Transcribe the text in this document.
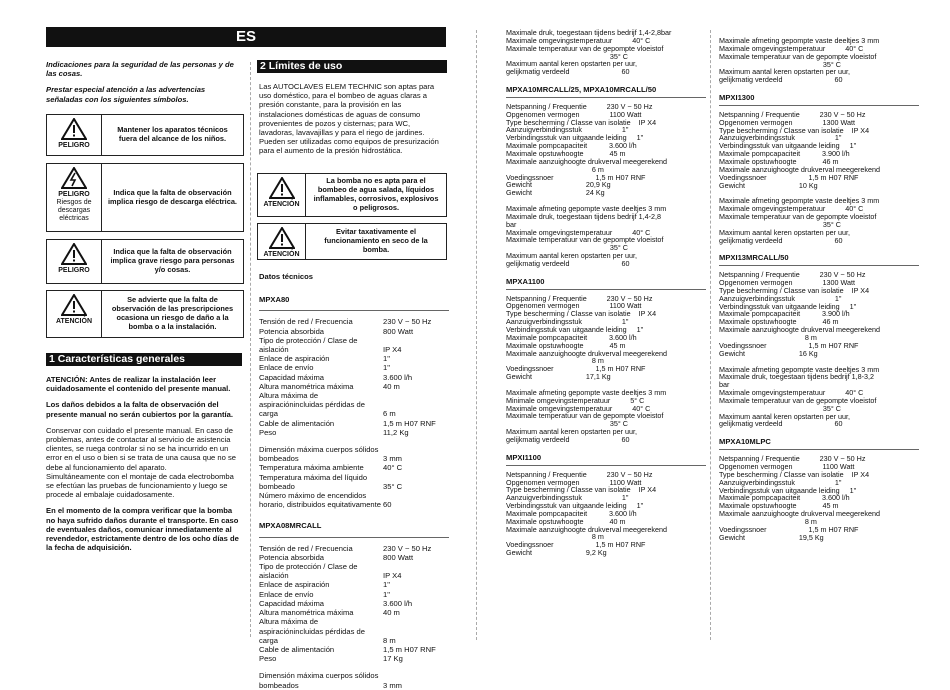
ES

Indicaciones para la seguridad de las personas y de las cosas.

Prestar especial atención a las advertencias señaladas con los siguientes símbolos.

PELIGRO
Mantener los aparatos técnicos fuera del alcance de los niños.
PELIGRO
Riesgos de descargas eléctricas
Indica que la falta de observación implica riesgo de descarga eléctrica.
PELIGRO
Indica que la falta de observación implica grave riesgo para personas y/o cosas.
ATENCIÓN
Se advierte que la falta de observación de las prescripciones ocasiona un riesgo de daño a la bomba o a la instalación.
1 Características generales

ATENCIÓN: Antes de realizar la instalación leer cuidadosamente el contenido del presente manual.

Los daños debidos a la falta de observación del presente manual no serán cubiertos por la garantía.

Conservar con cuidado el presente manual. En caso de problemas, antes de contactar al servicio de asistencia clientes, se ruega controlar si no se ha incurrido en un error en el uso o bien si se trata de una causa que no se debe al funcionamiento del aparato.

Simultáneamente con el montaje de cada electrobomba se efectúan las pruebas de funcionamiento y luego se procede al embalaje cuidadosamente.

En el momento de la compra verificar que la bomba no haya sufrido daños durante el transporte. En caso de eventuales daños, comunicar inmediatamente al revendedor, estrictamente dentro de los ocho días de la fecha de adquisición.

2 Límites de uso

Las AUTOCLAVES ELEM TECHNIC son aptas para uso doméstico, para el bombeo de aguas claras a presión constante, para la provisión en las instalaciones domésticas de aguas de consumo provenientes de pozos y cisternas; para WC, lavadoras, lavavajillas y para el riego de jardines. Pueden ser utilizadas como equipos de presurización para el aumento de la presión hidrostática.

ATENCIÓN
La bomba no es apta para el bombeo de agua salada, líquidos inflamables, corrosivos, explosivos o peligrosos.
ATENCIÓN
Evitar taxativamente el funcionamiento en seco de la bomba.
Datos técnicos
MPXA80
Tensión de red / Frecuencia	230 V ~ 50 Hz
Potencia absorbida	800 Watt
Tipo de protección / Clase de aislación	IP X4
Enlace de aspiración	1"
Enlace de envío	1"
Capacidad máxima	3.600 l/h
Altura manométrica máxima	40 m
Altura máxima de aspiraciónincluidas pérdidas de carga	6 m
Cable de alimentación	1,5 m H07 RNF
Peso	11,2 Kg
Dimensión máxima cuerpos sólidos bombeados	3 mm
Temperatura máxima ambiente	40° C
Temperatura máxima del líquido bombeado	35° C
Número máximo de encendidos horario, distribuidos equitativamente 60
MPXA08MRCALL
Tensión de red / Frecuencia	230 V ~ 50 Hz
Potencia absorbida	800 Watt
Tipo de protección / Clase de aislación	IP X4
Enlace de aspiración	1"
Enlace de envío	1"
Capacidad máxima	3.600 l/h
Altura manométrica máxima	40 m
Altura máxima de aspiraciónincluidas pérdidas de carga	8 m
Cable de alimentación	1,5 m H07 RNF
Peso	17 Kg
Dimensión máxima cuerpos sólidos bombeados	3 mm
Maximale druk, toegestaan tijdens bedrijf 1,4-2,8bar
Maximale omgevingstemperatuur          40° C
Maximale temperatuur van de gepompte vloeistof
35° C
Maximum aantal keren opstarten per uur,
gelijkmatig verdeeld                          60
MPXA10MRCALL/25, MPXA10MRCALL/50
Netspanning / Frequentie          230 V ~ 50 Hz
Opgenomen vermogen               1100 Watt
Type bescherming / Classe van isolatie    IP X4
Aanzuigverbindingsstuk                    1"
Verbindingsstuk van uitgaande leiding     1"
Maximale pompcapaciteit           3.600 l/h
Maximale opstuwhoogte             45 m
Maximale aanzuighoogte drukverval meegerekend
6 m
Voedingssnoer                     1,5 m H07 RNF
Gewicht                           20,9 Kg
Gewicht                           24 Kg
Maximale afmeting gepompte vaste deeltjes 3 mm
Maximale druk, toegestaan tijdens bedrijf 1,4-2,8
bar
Maximale omgevingstemperatuur          40° C
Maximale temperatuur van de gepompte vloeistof
35° C
Maximum aantal keren opstarten per uur,
gelijkmatig verdeeld                          60
MPXA1100
Netspanning / Frequentie          230 V ~ 50 Hz
Opgenomen vermogen               1100 Watt
Type bescherming / Classe van isolatie    IP X4
Aanzuigverbindingsstuk                    1"
Verbindingsstuk van uitgaande leiding     1"
Maximale pompcapaciteit           3.600 l/h
Maximale opstuwhoogte             45 m
Maximale aanzuighoogte drukverval meegerekend
8 m
Voedingssnoer                     1,5 m H07 RNF
Gewicht                           17,1 Kg
Maximale afmeting gepompte vaste deeltjes 3 mm
Minimale omgevingstemperatuur          5° C
Maximale omgevingstemperatuur          40° C
Maximale temperatuur van de gepompte vloeistof
35° C
Maximum aantal keren opstarten per uur,
gelijkmatig verdeeld                          60
MPXI1100
Netspanning / Frequentie          230 V ~ 50 Hz
Opgenomen vermogen               1100 Watt
Type bescherming / Classe van isolatie    IP X4
Aanzuigverbindingsstuk                    1"
Verbindingsstuk van uitgaande leiding     1"
Maximale pompcapaciteit           3.600 l/h
Maximale opstuwhoogte             40 m
Maximale aanzuighoogte drukverval meegerekend
8 m
Voedingssnoer                     1,5 m H07 RNF
Gewicht                           9,2 Kg
Maximale afmeting gepompte vaste deeltjes 3 mm
Maximale omgevingstemperatuur          40° C
Maximale temperatuur van de gepompte vloeistof
35° C
Maximum aantal keren opstarten per uur,
gelijkmatig verdeeld                          60
MPXI1300
Netspanning / Frequentie          230 V ~ 50 Hz
Opgenomen vermogen               1300 Watt
Type bescherming / Classe van isolatie    IP X4
Aanzuigverbindingsstuk                    1"
Verbindingsstuk van uitgaande leiding     1"
Maximale pompcapaciteit           3.900 l/h
Maximale opstuwhoogte             46 m
Maximale aanzuighoogte drukverval meegerekend
Voedingssnoer                     1,5 m H07 RNF
Gewicht                           10 Kg
Maximale afmeting gepompte vaste deeltjes 3 mm
Maximale omgevingstemperatuur          40° C
Maximale temperatuur van de gepompte vloeistof
35° C
Maximum aantal keren opstarten per uur,
gelijkmatig verdeeld                          60
MPXI13MRCALL/50
Netspanning / Frequentie          230 V ~ 50 Hz
Opgenomen vermogen               1300 Watt
Type bescherming / Classe van isolatie    IP X4
Aanzuigverbindingsstuk                    1"
Verbindingsstuk van uitgaande leiding     1"
Maximale pompcapaciteit           3.900 l/h
Maximale opstuwhoogte             46 m
Maximale aanzuighoogte drukverval meegerekend
8 m
Voedingssnoer                     1,5 m H07 RNF
Gewicht                           16 Kg
Maximale afmeting gepompte vaste deeltjes 3 mm
Maximale druk, toegestaan tijdens bedrijf 1,8-3,2
bar
Maximale omgevingstemperatuur          40° C
Maximale temperatuur van de gepompte vloeistof
35° C
Maximum aantal keren opstarten per uur,
gelijkmatig verdeeld                          60
MPXA10MLPC
Netspanning / Frequentie          230 V ~ 50 Hz
Opgenomen vermogen               1100 Watt
Type bescherming / Classe van isolatie    IP X4
Aanzuigverbindingsstuk                    1"
Verbindingsstuk van uitgaande leiding     1"
Maximale pompcapaciteit           3.600 l/h
Maximale opstuwhoogte             45 m
Maximale aanzuighoogte drukverval meegerekend
8 m
Voedingssnoer                     1,5 m H07 RNF
Gewicht                           19,5 Kg
